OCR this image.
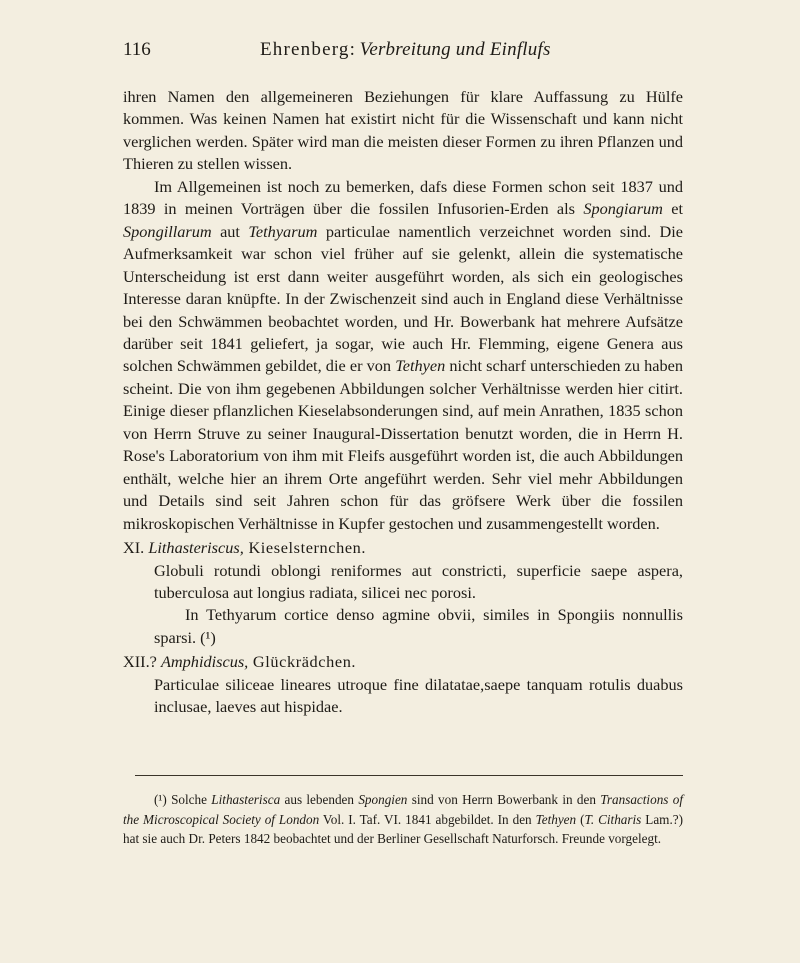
116	Ehrenberg: Verbreitung und Einflufs

ihren Namen den allgemeineren Beziehungen für klare Auffassung zu Hülfe kommen. Was keinen Namen hat existirt nicht für die Wissenschaft und kann nicht verglichen werden. Später wird man die meisten dieser Formen zu ihren Pflanzen und Thieren zu stellen wissen.

Im Allgemeinen ist noch zu bemerken, dafs diese Formen schon seit 1837 und 1839 in meinen Vorträgen über die fossilen Infusorien-Erden als Spongiarum et Spongillarum aut Tethyarum particulae namentlich verzeichnet worden sind. Die Aufmerksamkeit war schon viel früher auf sie gelenkt, allein die systematische Unterscheidung ist erst dann weiter ausgeführt worden, als sich ein geologisches Interesse daran knüpfte. In der Zwischenzeit sind auch in England diese Verhältnisse bei den Schwämmen beobachtet worden, und Hr. Bowerbank hat mehrere Aufsätze darüber seit 1841 geliefert, ja sogar, wie auch Hr. Flemming, eigene Genera aus solchen Schwämmen gebildet, die er von Tethyen nicht scharf unterschieden zu haben scheint. Die von ihm gegebenen Abbildungen solcher Verhältnisse werden hier citirt. Einige dieser pflanzlichen Kieselabsonderungen sind, auf mein Anrathen, 1835 schon von Herrn Struve zu seiner Inaugural-Dissertation benutzt worden, die in Herrn H. Rose's Laboratorium von ihm mit Fleifs ausgeführt worden ist, die auch Abbildungen enthält, welche hier an ihrem Orte angeführt werden. Sehr viel mehr Abbildungen und Details sind seit Jahren schon für das gröfsere Werk über die fossilen mikroskopischen Verhältnisse in Kupfer gestochen und zusammengestellt worden.

XI. Lithasteriscus, Kieselsternchen.

Globuli rotundi oblongi reniformes aut constricti, superficie saepe aspera, tuberculosa aut longius radiata, silicei nec porosi.

In Tethyarum cortice denso agmine obvii, similes in Spongiis nonnullis sparsi. (¹)

XII.? Amphidiscus, Glückrädchen.

Particulae siliceae lineares utroque fine dilatatae,saepe tanquam rotulis duabus inclusae, laeves aut hispidae.

(¹) Solche Lithasterisca aus lebenden Spongien sind von Herrn Bowerbank in den Transactions of the Microscopical Society of London Vol. I. Taf. VI. 1841 abgebildet. In den Tethyen (T. Citharis Lam.?) hat sie auch Dr. Peters 1842 beobachtet und der Berliner Gesellschaft Naturforsch. Freunde vorgelegt.
